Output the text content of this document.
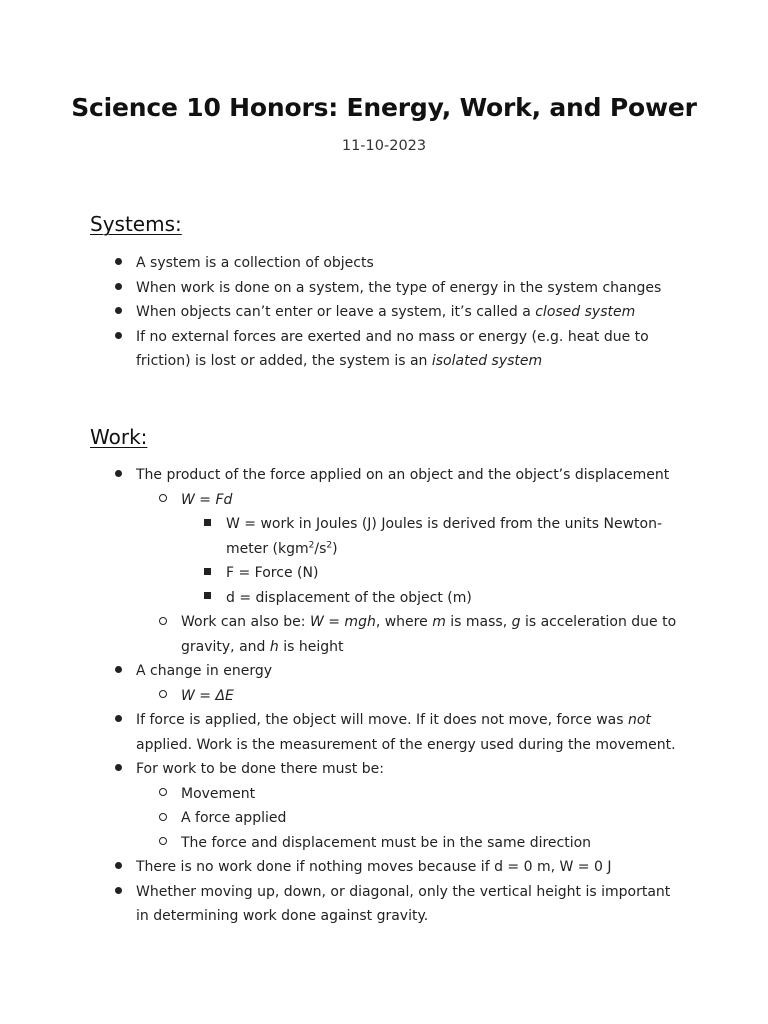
Science 10 Honors: Energy, Work, and Power
11-10-2023
Systems:
A system is a collection of objects
When work is done on a system, the type of energy in the system changes
When objects can’t enter or leave a system, it’s called a closed system
If no external forces are exerted and no mass or energy (e.g. heat due to friction) is lost or added, the system is an isolated system
Work:
The product of the force applied on an object and the object’s displacement
W = Fd
W = work in Joules (J) Joules is derived from the units Newton-meter $(kgm^2/s^2)$
F = Force (N)
d = displacement of the object (m)
Work can also be: W = mgh, where m is mass, g is acceleration due to gravity, and h is height
A change in energy
W = ΔE
If force is applied, the object will move. If it does not move, force was not applied. Work is the measurement of the energy used during the movement.
For work to be done there must be:
Movement
A force applied
The force and displacement must be in the same direction
There is no work done if nothing moves because if d = 0 m, W = 0 J
Whether moving up, down, or diagonal, only the vertical height is important in determining work done against gravity.
